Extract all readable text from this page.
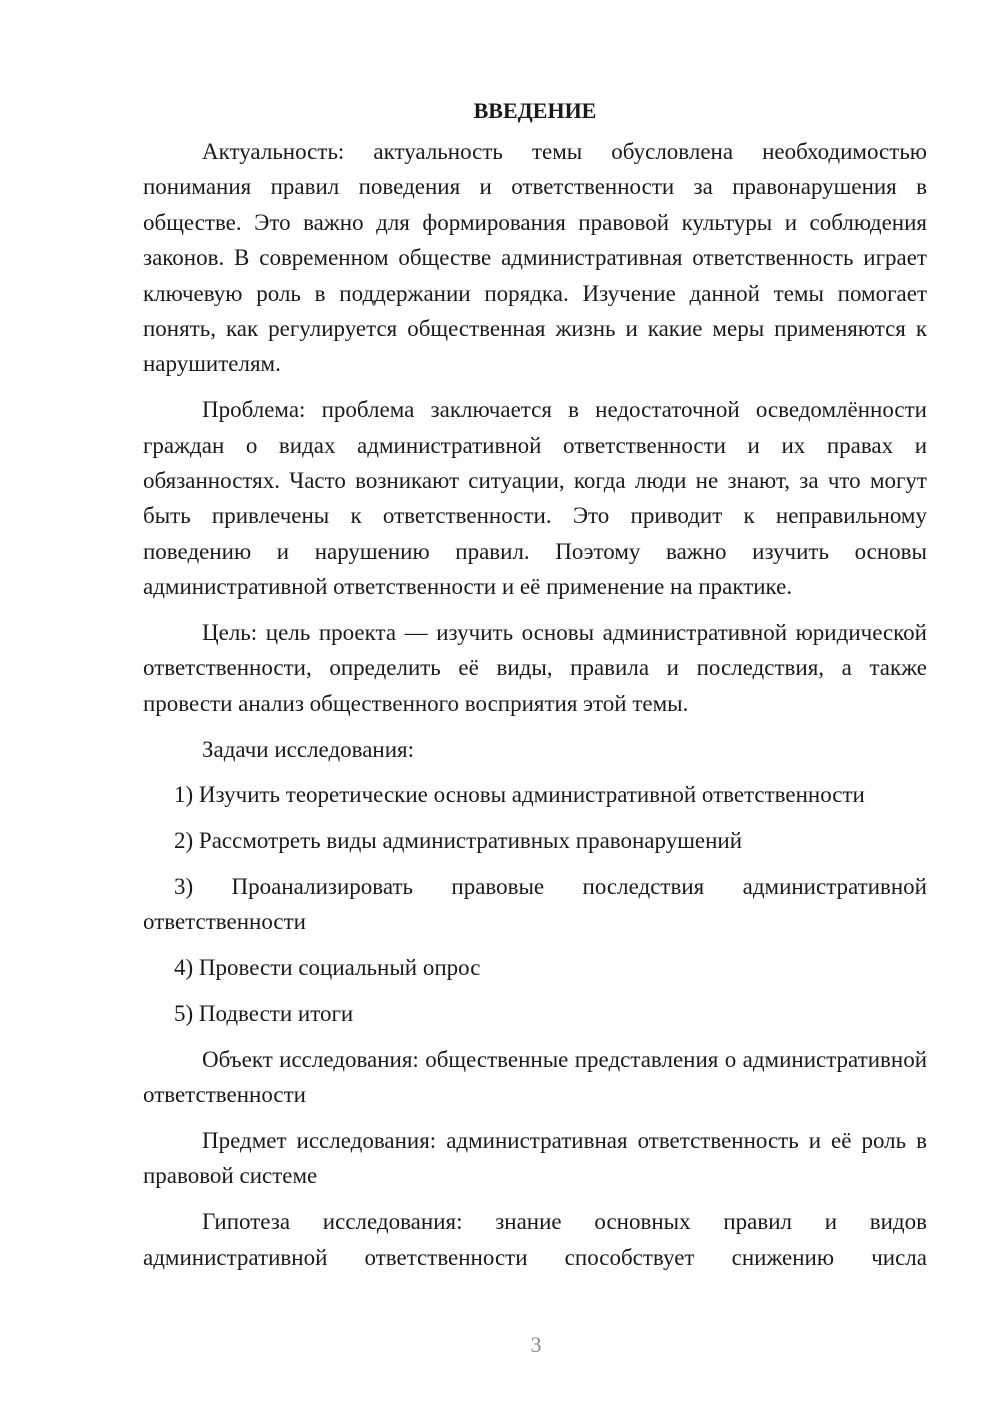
ВВЕДЕНИЕ

Актуальность: актуальность темы обусловлена необходимостью понимания правил поведения и ответственности за правонарушения в обществе. Это важно для формирования правовой культуры и соблюдения законов. В современном обществе административная ответственность играет ключевую роль в поддержании порядка. Изучение данной темы помогает понять, как регулируется общественная жизнь и какие меры применяются к нарушителям.

Проблема: проблема заключается в недостаточной осведомлённости граждан о видах административной ответственности и их правах и обязанностях. Часто возникают ситуации, когда люди не знают, за что могут быть привлечены к ответственности. Это приводит к неправильному поведению и нарушению правил. Поэтому важно изучить основы административной ответственности и её применение на практике.

Цель: цель проекта — изучить основы административной юридической ответственности, определить её виды, правила и последствия, а также провести анализ общественного восприятия этой темы.

Задачи исследования:

1) Изучить теоретические основы административной ответственности

2) Рассмотреть виды административных правонарушений

3) Проанализировать правовые последствия административной ответственности

4) Провести социальный опрос

5) Подвести итоги

Объект исследования: общественные представления о административной ответственности

Предмет исследования: административная ответственность и её роль в правовой системе

Гипотеза исследования: знание основных правил и видов административной ответственности способствует снижению числа

3
